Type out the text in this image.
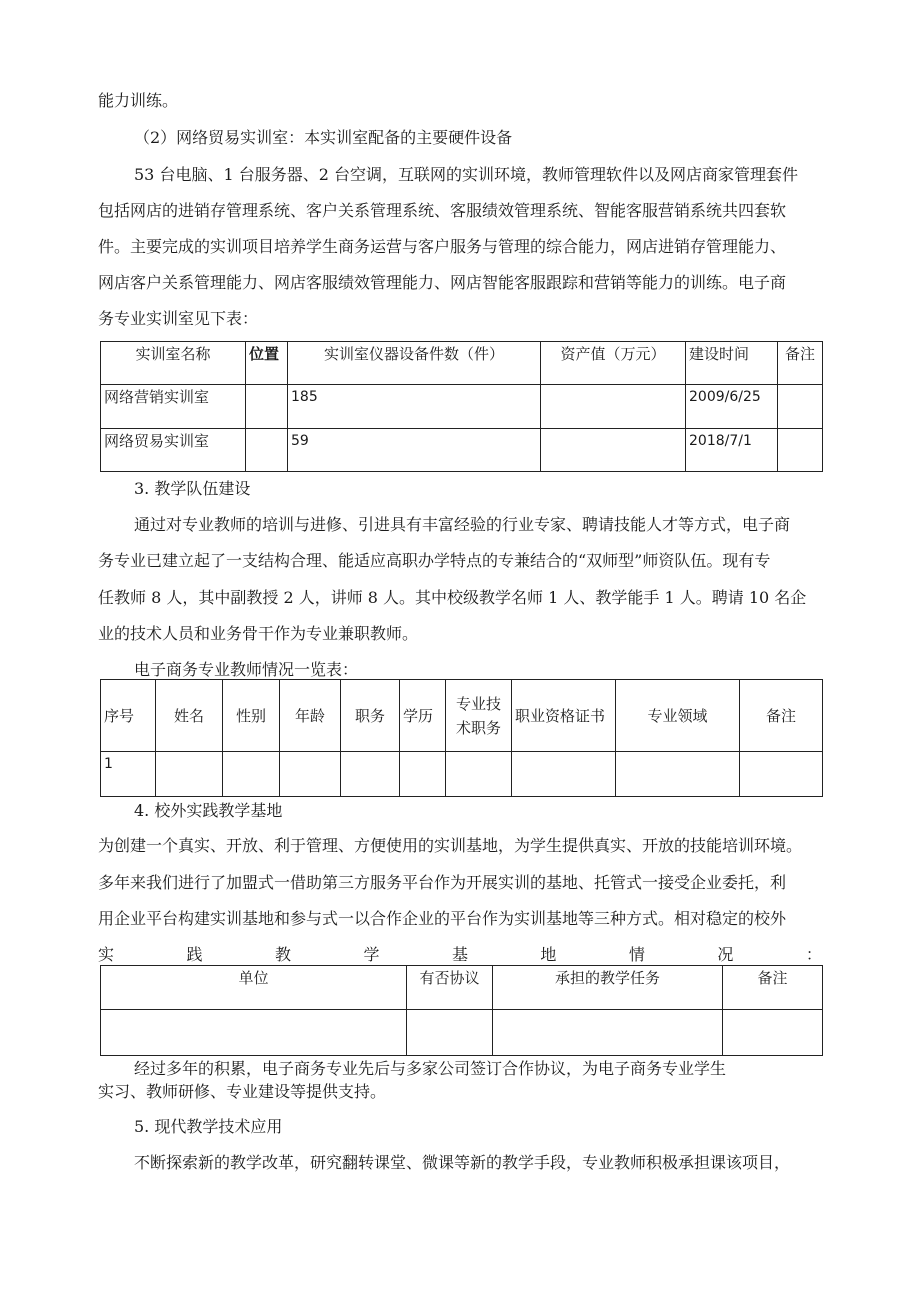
能力训练。
（2）网络贸易实训室：本实训室配备的主要硬件设备
53 台电脑、1 台服务器、2 台空调，互联网的实训环境，教师管理软件以及网店商家管理套件
包括网店的进销存管理系统、客户关系管理系统、客服绩效管理系统、智能客服营销系统共四套软
件。主要完成的实训项目培养学生商务运营与客户服务与管理的综合能力，网店进销存管理能力、
网店客户关系管理能力、网店客服绩效管理能力、网店智能客服跟踪和营销等能力的训练。电子商
务专业实训室见下表：
实训室名称	位置	实训室仪器设备件数（件）	资产值（万元）	建设时间	备注
网络营销实训室		185		2009/6/25	
网络贸易实训室		59		2018/7/1	
3. 教学队伍建设
通过对专业教师的培训与进修、引进具有丰富经验的行业专家、聘请技能人才等方式，电子商
务专业已建立起了一支结构合理、能适应高职办学特点的专兼结合的“双师型”师资队伍。现有专
任教师 8 人，其中副教授 2 人，讲师 8 人。其中校级教学名师 1 人、教学能手 1 人。聘请 10 名企
业的技术人员和业务骨干作为专业兼职教师。
电子商务专业教师情况一览表：
序号	姓名	性别	年龄	职务	学历	专业技
术职务	职业资格证书	专业领域	备注
1									
4. 校外实践教学基地
为创建一个真实、开放、利于管理、方便使用的实训基地，为学生提供真实、开放的技能培训环境。
多年来我们进行了加盟式一借助第三方服务平台作为开展实训的基地、托管式一接受企业委托，利
用企业平台构建实训基地和参与式一以合作企业的平台作为实训基地等三种方式。相对稳定的校外
实	践	教	学	基	地	情	况	：
单位	有否协议	承担的教学任务	备注

经过多年的积累，电子商务专业先后与多家公司签订合作协议，为电子商务专业学生
实习、教师研修、专业建设等提供支持。
5. 现代教学技术应用
不断探索新的教学改革，研究翻转课堂、微课等新的教学手段，专业教师积极承担课该项目，
